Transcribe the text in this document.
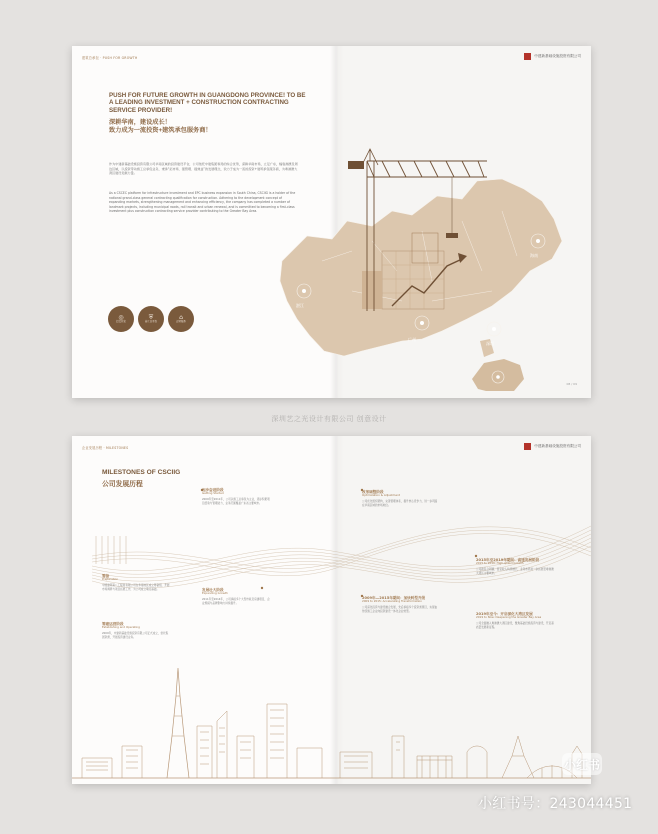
建筑总承包 · PUSH FOR GROWTH	中建新基础设施投资有限公司
PUSH FOR FUTURE GROWTH IN GUANGDONG PROVINCE! TO BE A LEADING INVESTMENT + CONSTRUCTION CONTRACTING SERVICE PROVIDER!
深耕华南，建设成长！
致力成为一流投资+建筑承包服务商！
作为中建新基础设施投资有限公司华南区域的投资建设平台，公司依托中建集团和局的综合优势，深耕华南市场，立足广东，辐射港澳及周边区域，以投资带动施工总承包业务，秉承“拓市场、强管理、提效益”的发展理念，致力于成为一流的投资+建筑承包服务商，为粤港澳大湾区建设贡献力量。
As a CSCEC platform for infrastructure investment and EPC business expansion in South China, CSCIIG is a holder of the national grand-class general contracting qualification for construction. Adhering to the development concept of expanding markets, strengthening management and enhancing efficiency, the company has completed a number of landmark projects, including municipal roads, rail transit and urban renewal, and is committed to becoming a first-class investment plus construction contracting service provider contributing to the Greater Bay Area.
◎
投资开发
⛨
施工总承包
⌂
运营服务
湛江
广州
深圳
海南
08 / 09
深圳艺之光设计有限公司 创意设计
企业发展历程 · MILESTONES	中建新基础设施投资有限公司
MILESTONES OF CSCIIG
公司发展历程
筹备
Preparation
中国建筑第八工程局有限公司在华南地区成立筹备组，开展市场调研与项目拓展工作，为公司成立奠定基础。
筹建运营阶段
Establishing and Operating
2009年，中建新基础设施投资有限公司正式成立，依托集团资源，开展投资建设业务。
起步奋进阶段
Getting Started
2009年至2011年，公司以施工总承包为主业，逐步积累项目经验与管理能力，业务范围覆盖广东省主要城市。
发展壮大阶段
Expanding Growth
2011年至2014年，公司承接多个大型市政及房建项目，企业规模与品牌影响力持续提升。
2009年—2015年期间：加快转型升级
2009 to 2015: Accelerating Transformation
公司深化投资与建设融合发展，先后承接多个投资类项目，实现由传统施工企业向投资建设一体化企业转型。
改革调整阶段
Optimization & Adjustment
公司优化组织架构，完善管理体系，提升核心竞争力，进一步巩固在华南区域的市场地位。
2015年至2019年期间：高速发展阶段
2015 to 2019: High-speed Growth
公司新签合同额、营业收入持续增长，业务布局进一步拓展至粤港澳大湾区主要城市。
2019年至今：开启深化大湾区发展
2019 to Now: Deepening the Greater Bay Area
公司全面融入粤港澳大湾区建设，聚焦基础设施投资与建设，开启高质量发展新征程。
小红书
小红书号：243044451
